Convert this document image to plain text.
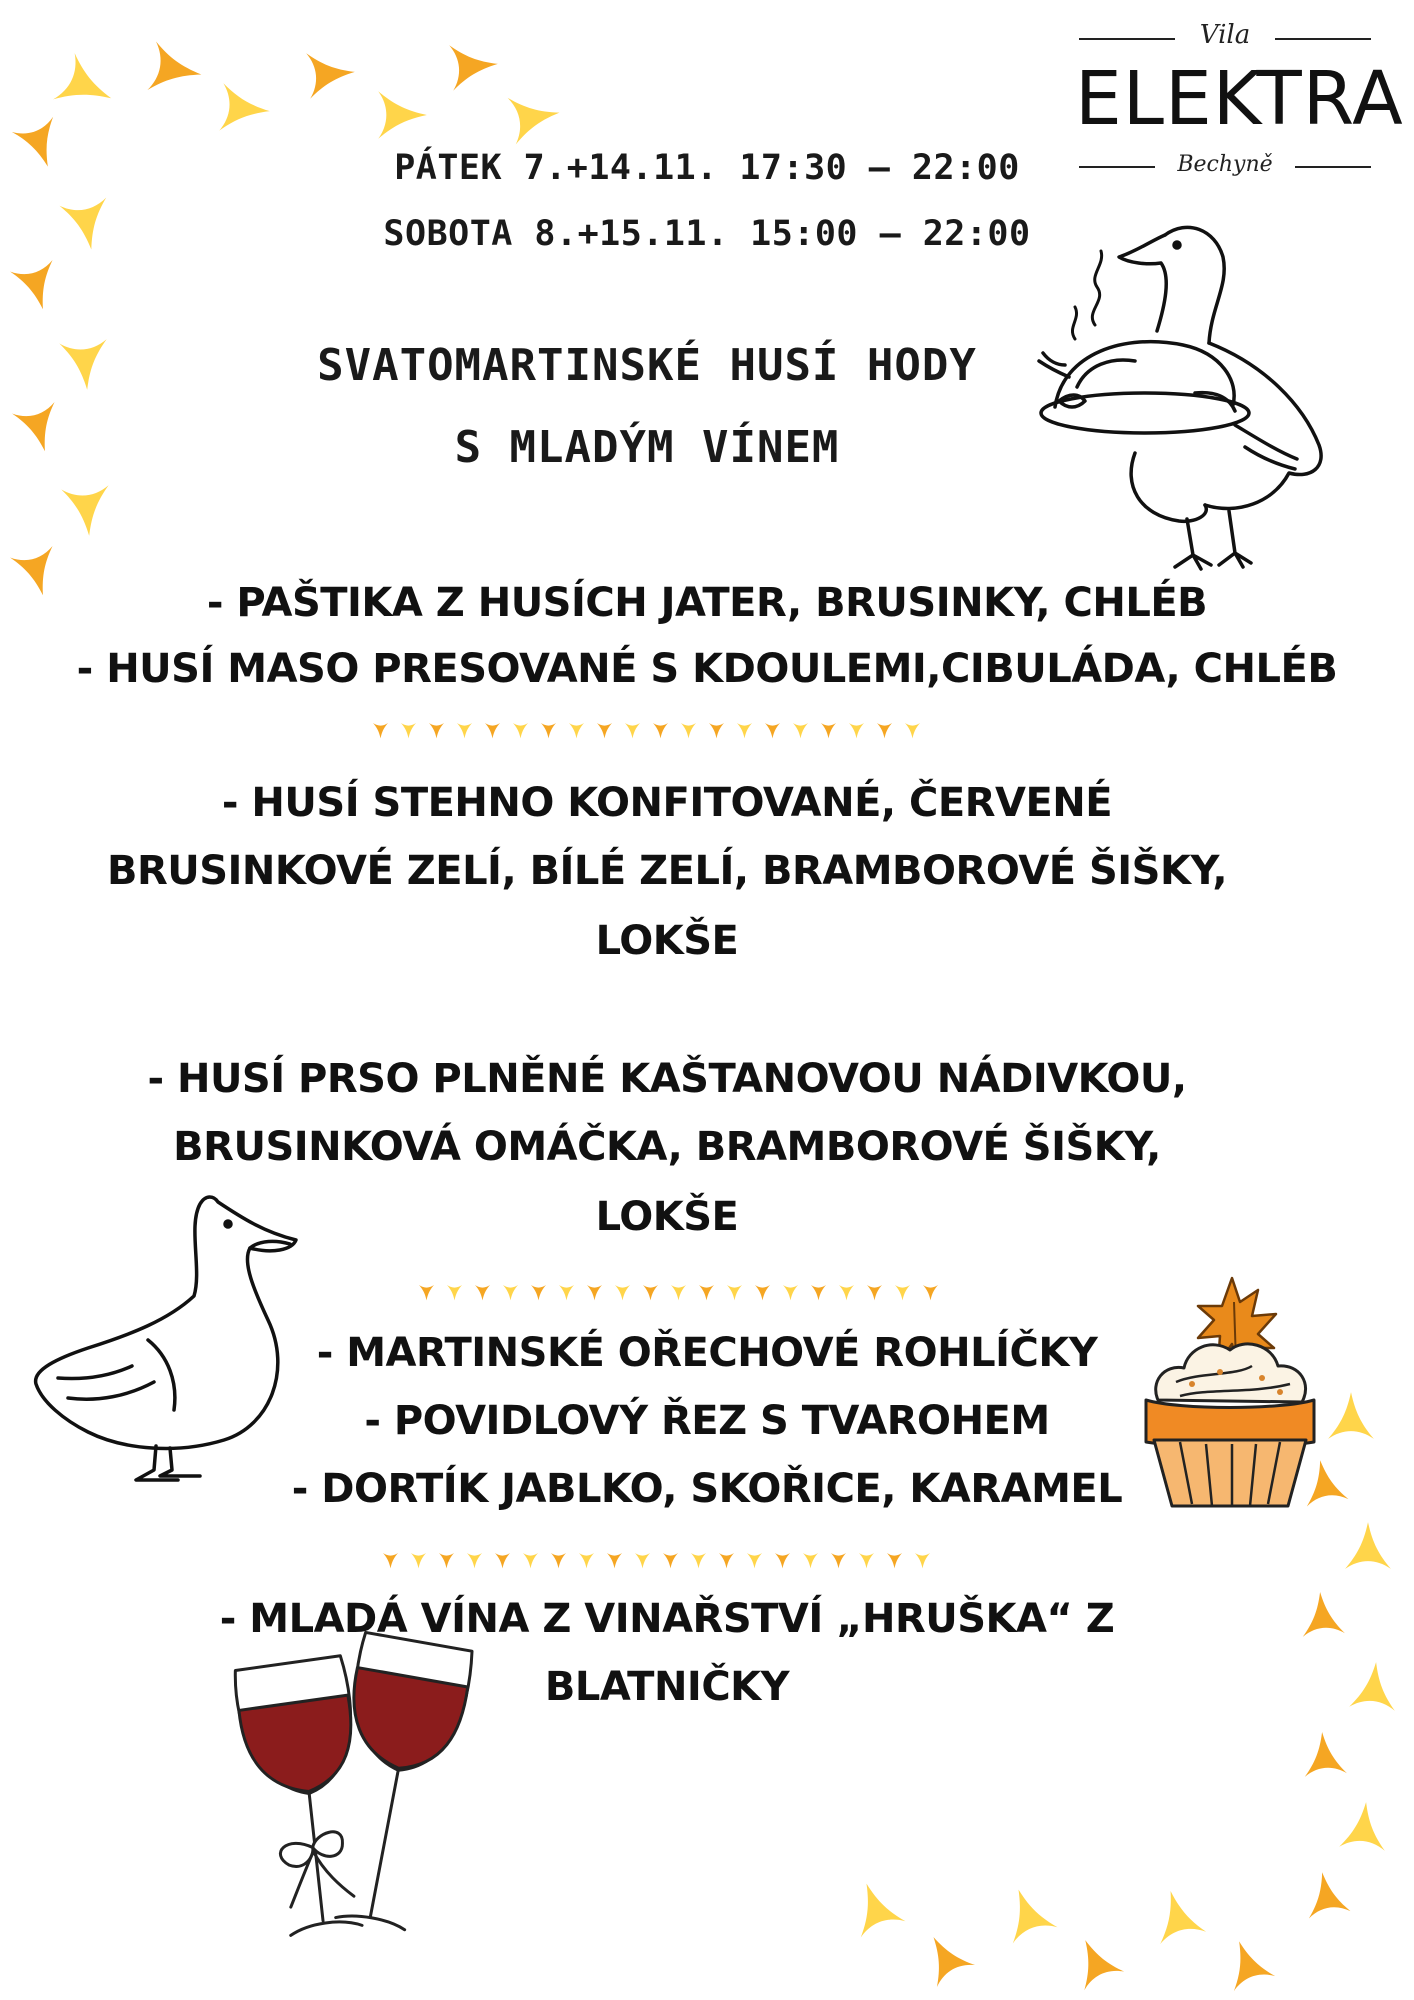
Vila
ELEKTRA
Bechyně
PÁTEK 7.+14.11. 17:30 – 22:00
SOBOTA 8.+15.11. 15:00 – 22:00
SVATOMARTINSKÉ HUSÍ HODY
S MLADÝM VÍNEM
- PAŠTIKA Z HUSÍCH JATER, BRUSINKY, CHLÉB
- HUSÍ MASO PRESOVANÉ S KDOULEMI,CIBULÁDA, CHLÉB
- HUSÍ STEHNO KONFITOVANÉ, ČERVENÉ
BRUSINKOVÉ ZELÍ, BÍLÉ ZELÍ, BRAMBOROVÉ ŠIŠKY,
LOKŠE
- HUSÍ PRSO PLNĚNÉ KAŠTANOVOU NÁDIVKOU,
BRUSINKOVÁ OMÁČKA, BRAMBOROVÉ ŠIŠKY,
LOKŠE
- MARTINSKÉ OŘECHOVÉ ROHLÍČKY
- POVIDLOVÝ ŘEZ S TVAROHEM
- DORTÍK JABLKO, SKOŘICE, KARAMEL
- MLADÁ VÍNA Z VINAŘSTVÍ „HRUŠKA“ Z
BLATNIČKY
